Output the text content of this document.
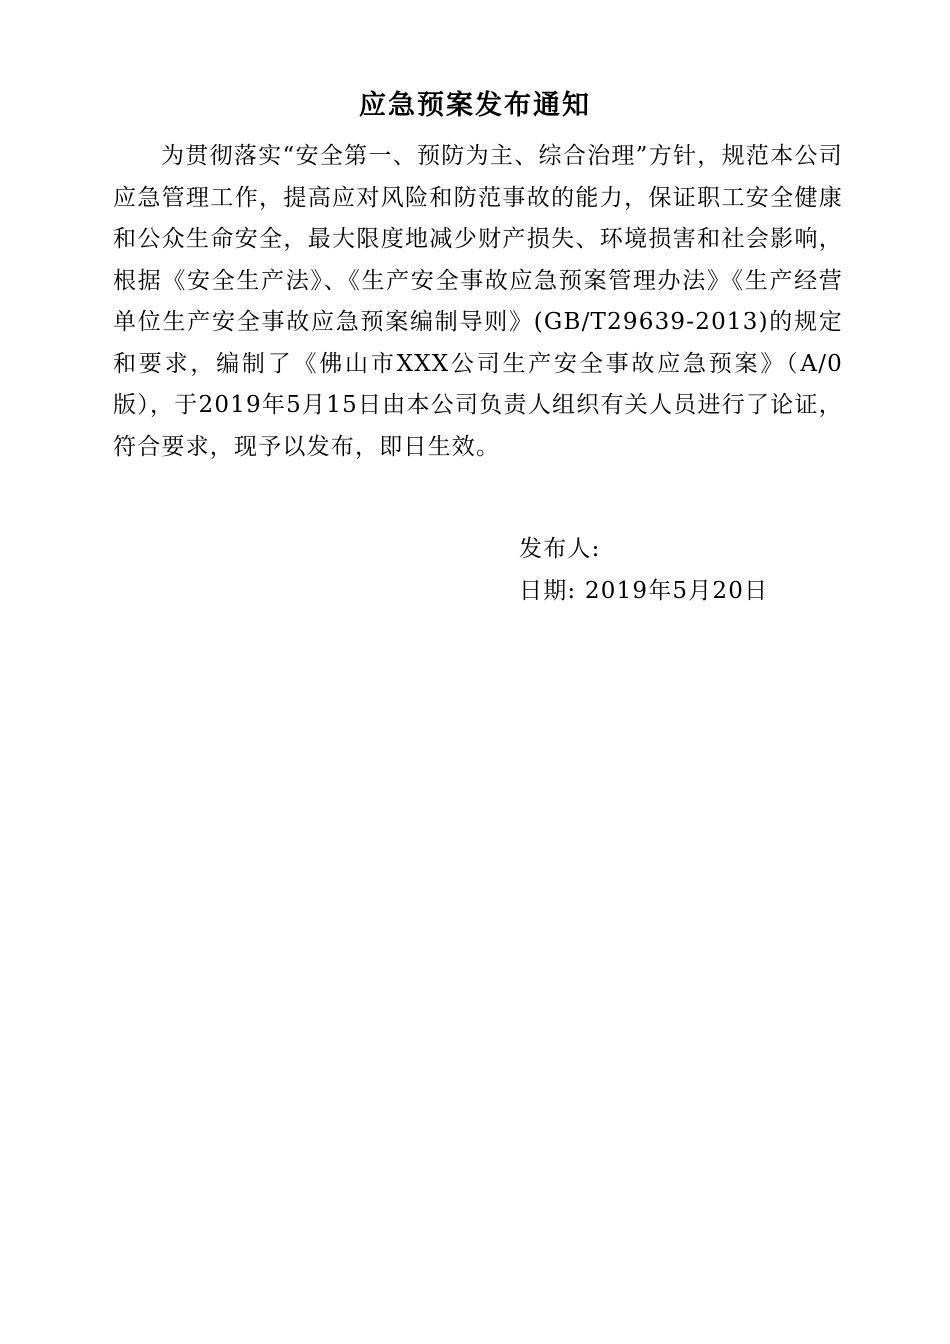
应急预案发布通知

为贯彻落实“安全第一、预防为主、综合治理”方针，规范本公司应急管理工作，提高应对风险和防范事故的能力，保证职工安全健康和公众生命安全，最大限度地减少财产损失、环境损害和社会影响，根据《安全生产法》、《生产安全事故应急预案管理办法》《生产经营单位生产安全事故应急预案编制导则》(GB/T29639-2013)的规定和要求，编制了《佛山市XXX公司生产安全事故应急预案》（A/0版），于2019年5月15日由本公司负责人组织有关人员进行了论证，符合要求，现予以发布，即日生效。

发布人:
日期: 2019年5月20日
